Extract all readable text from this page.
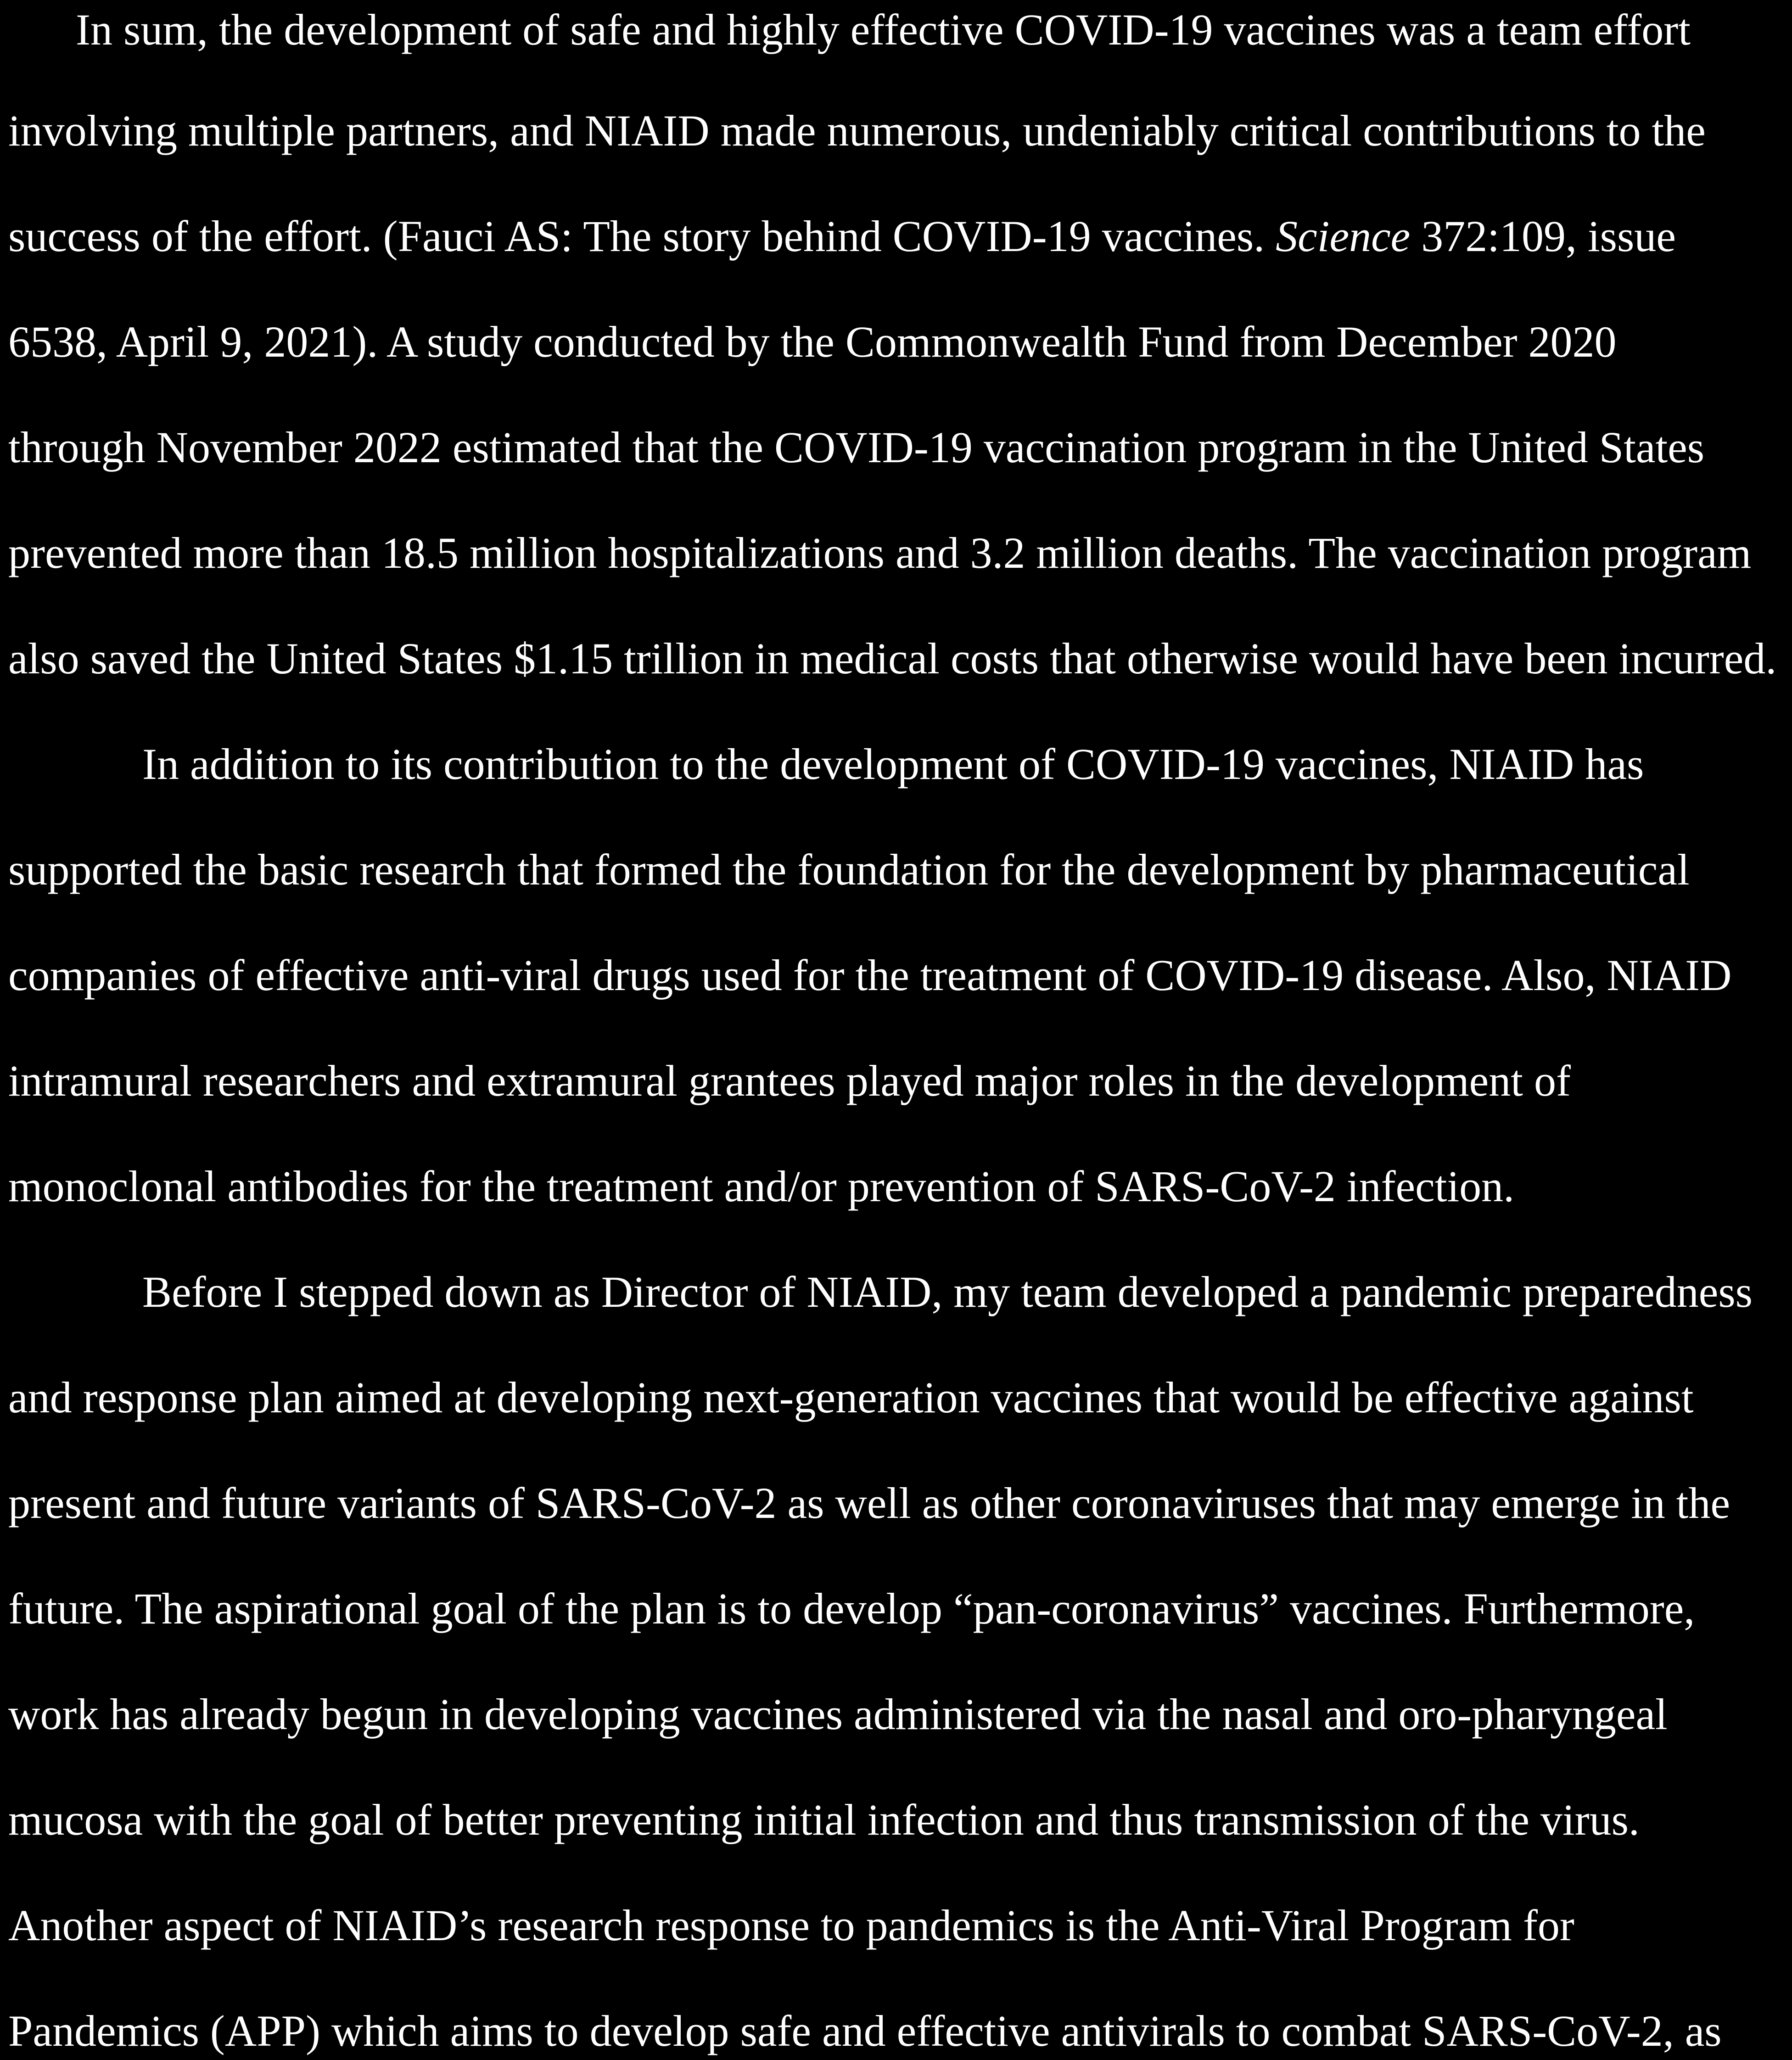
In sum, the development of safe and highly effective COVID-19 vaccines was a team effort
involving multiple partners, and NIAID made numerous, undeniably critical contributions to the
success of the effort. (Fauci AS: The story behind COVID-19 vaccines. Science 372:109, issue
6538, April 9, 2021). A study conducted by the Commonwealth Fund from December 2020
through November 2022 estimated that the COVID-19 vaccination program in the United States
prevented more than 18.5 million hospitalizations and 3.2 million deaths. The vaccination program
also saved the United States $1.15 trillion in medical costs that otherwise would have been incurred.
In addition to its contribution to the development of COVID-19 vaccines, NIAID has
supported the basic research that formed the foundation for the development by pharmaceutical
companies of effective anti-viral drugs used for the treatment of COVID-19 disease. Also, NIAID
intramural researchers and extramural grantees played major roles in the development of
monoclonal antibodies for the treatment and/or prevention of SARS-CoV-2 infection.
Before I stepped down as Director of NIAID, my team developed a pandemic preparedness
and response plan aimed at developing next-generation vaccines that would be effective against
present and future variants of SARS-CoV-2 as well as other coronaviruses that may emerge in the
future. The aspirational goal of the plan is to develop “pan-coronavirus” vaccines. Furthermore,
work has already begun in developing vaccines administered via the nasal and oro-pharyngeal
mucosa with the goal of better preventing initial infection and thus transmission of the virus.
Another aspect of NIAID’s research response to pandemics is the Anti-Viral Program for
Pandemics (APP) which aims to develop safe and effective antivirals to combat SARS-CoV-2, as
